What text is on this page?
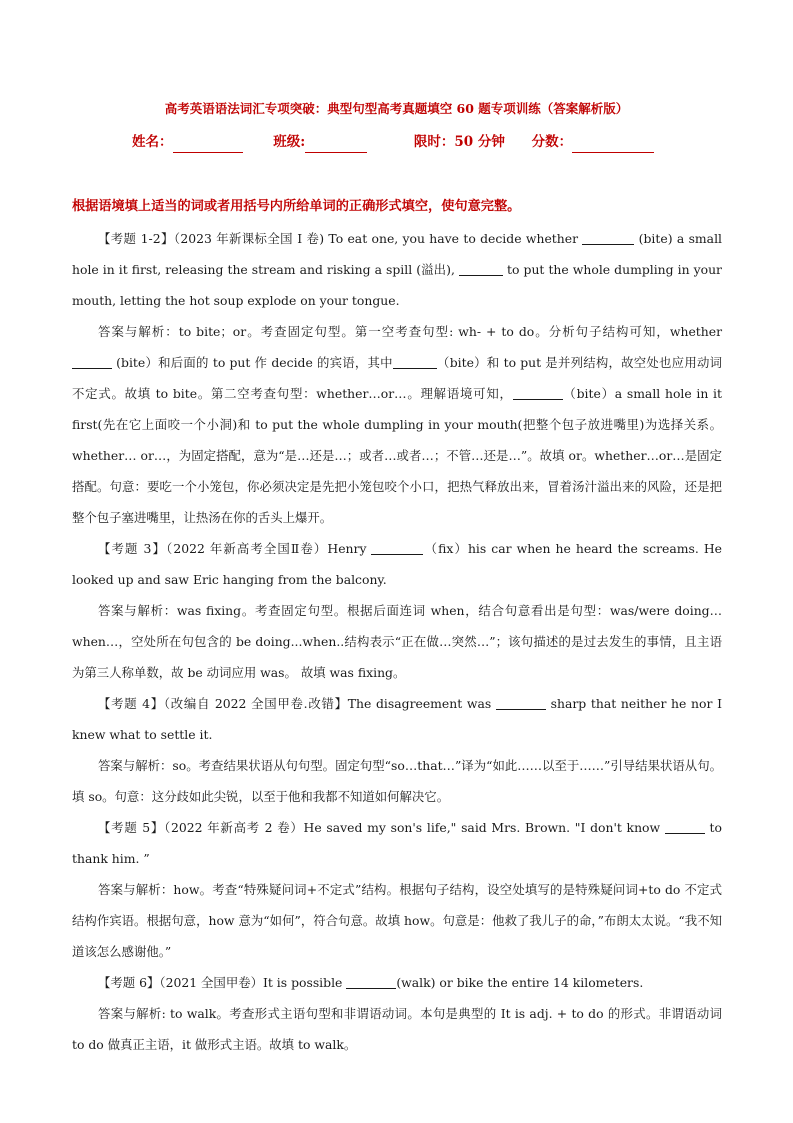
高考英语语法词汇专项突破：典型句型高考真题填空 60 题专项训练（答案解析版）
姓名：	班级:	限时：50 分钟 分数：
根据语境填上适当的词或者用括号内所给单词的正确形式填空，使句意完整。

【考题 1-2】（2023 年新课标全国 I 卷) To eat one, you have to decide whether	(bite) a small hole in it first, releasing the stream and risking a spill (溢出),	to put the whole dumpling in your mouth, letting the hot soup explode on your tongue.

答案与解析：to bite；or。考查固定句型。第一空考查句型: wh- + to do。分析句子结构可知，whether  (bite）和后面的 to put 作 decide 的宾语，其中	（bite）和 to put 是并列结构，故空处也应用动词不定式。故填 to bite。第二空考查句型：whether…or…。理解语境可知，	（bite）a small hole in it first(先在它上面咬一个小洞)和 to put the whole dumpling in your mouth(把整个包子放进嘴里)为选择关系。whether… or…，为固定搭配，意为“是…还是…；或者…或者…；不管…还是…”。故填 or。whether…or…是固定搭配。句意：要吃一个小笼包，你必须决定是先把小笼包咬个小口，把热气释放出来，冒着汤汁溢出来的风险，还是把整个包子塞进嘴里，让热汤在你的舌头上爆开。

【考题 3】（2022 年新高考全国Ⅱ卷）Henry	（fix）his car when he heard the screams. He looked up and saw Eric hanging from the balcony.

答案与解析：was fixing。考查固定句型。根据后面连词 when，结合句意看出是句型：was/were doing… when…，空处所在句包含的 be doing...when..结构表示“正在做…突然…”；该句描述的是过去发生的事情，且主语为第三人称单数，故 be 动词应用 was。 故填 was fixing。

【考题 4】（改编自 2022 全国甲卷.改错】The disagreement was	sharp that neither he nor I knew what to settle it.

答案与解析：so。考查结果状语从句句型。固定句型“so…that…”译为“如此……以至于……”引导结果状语从句。填 so。句意：这分歧如此尖锐，以至于他和我都不知道如何解决它。

【考题 5】（2022 年新高考 2 卷）He saved my son's life," said Mrs. Brown. "I don't know	to thank him. ”

答案与解析：how。考查“特殊疑问词+不定式”结构。根据句子结构，设空处填写的是特殊疑问词+to do 不定式结构作宾语。根据句意，how 意为“如何”，符合句意。故填 how。句意是：他救了我儿子的命，”布朗太太说。“我不知道该怎么感谢他。”

【考题 6】（2021 全国甲卷）It is possible	(walk) or bike the entire 14 kilometers.

答案与解析: to walk。考查形式主语句型和非谓语动词。本句是典型的 It is adj. + to do 的形式。非谓语动词 to do 做真正主语，it 做形式主语。故填 to walk。
